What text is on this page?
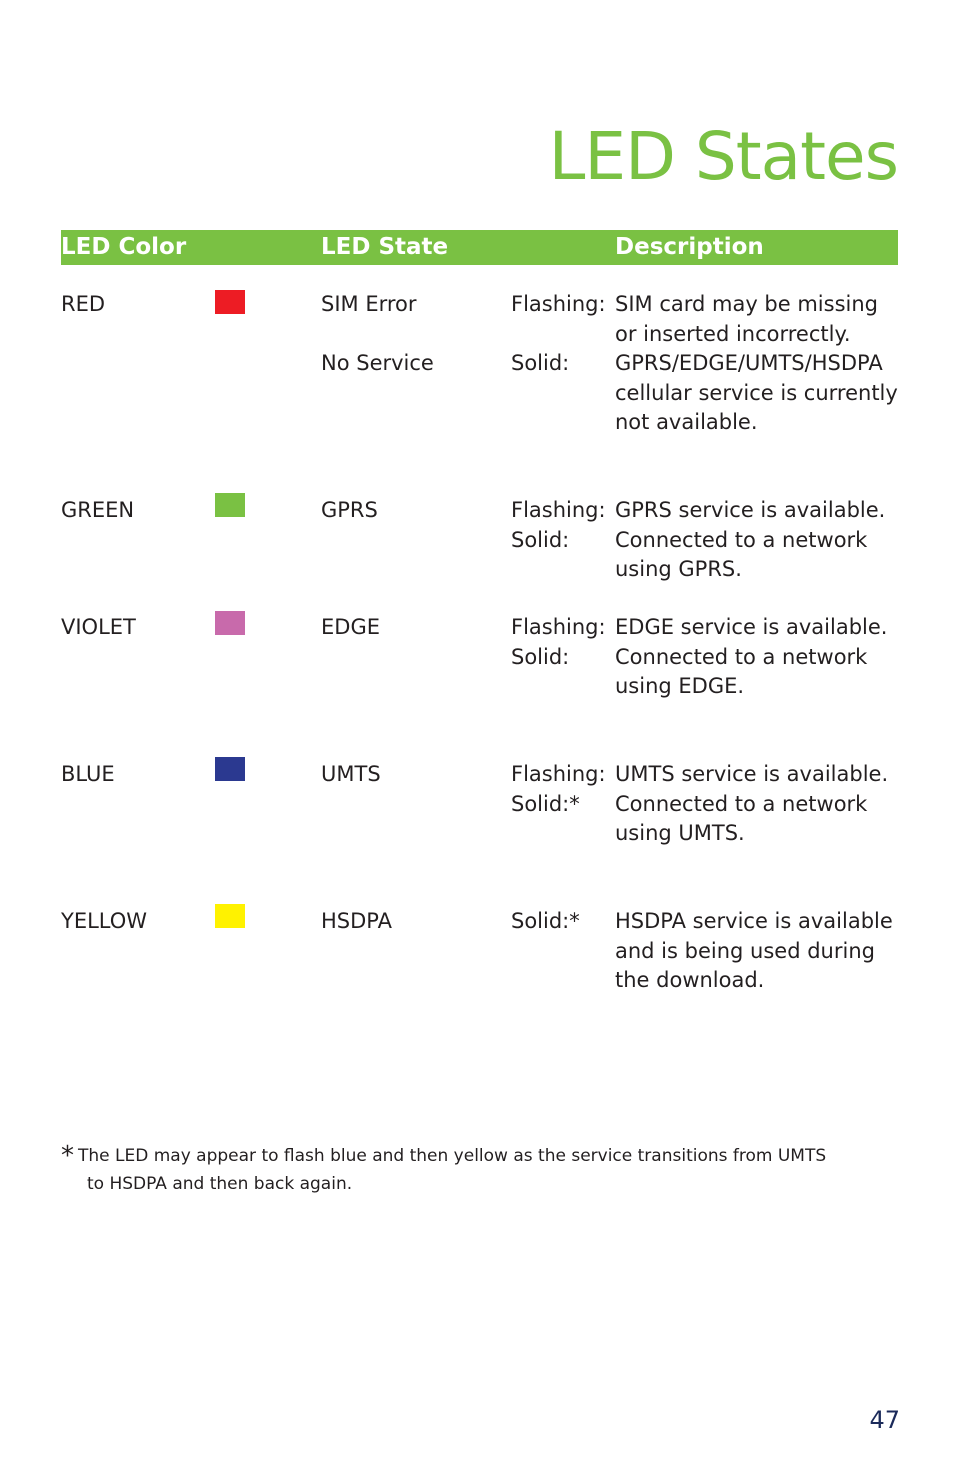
LED States
LED Color	LED State	Description
RED	SIM Error	Flashing: SIM card may be missing
or inserted incorrectly.
No Service	Solid: GPRS/EDGE/UMTS/HSDPA
cellular service is currently
not available.
GREEN	GPRS	Flashing: GPRS service is available.
Solid: Connected to a network
using GPRS.
VIOLET	EDGE	Flashing: EDGE service is available.
Solid: Connected to a network
using EDGE.
BLUE	UMTS	Flashing: UMTS service is available.
Solid:* Connected to a network
using UMTS.
YELLOW	HSDPA	Solid:* HSDPA service is available
and is being used during
the download.
* The LED may appear to flash blue and then yellow as the service transitions from UMTS
to HSDPA and then back again.
47
